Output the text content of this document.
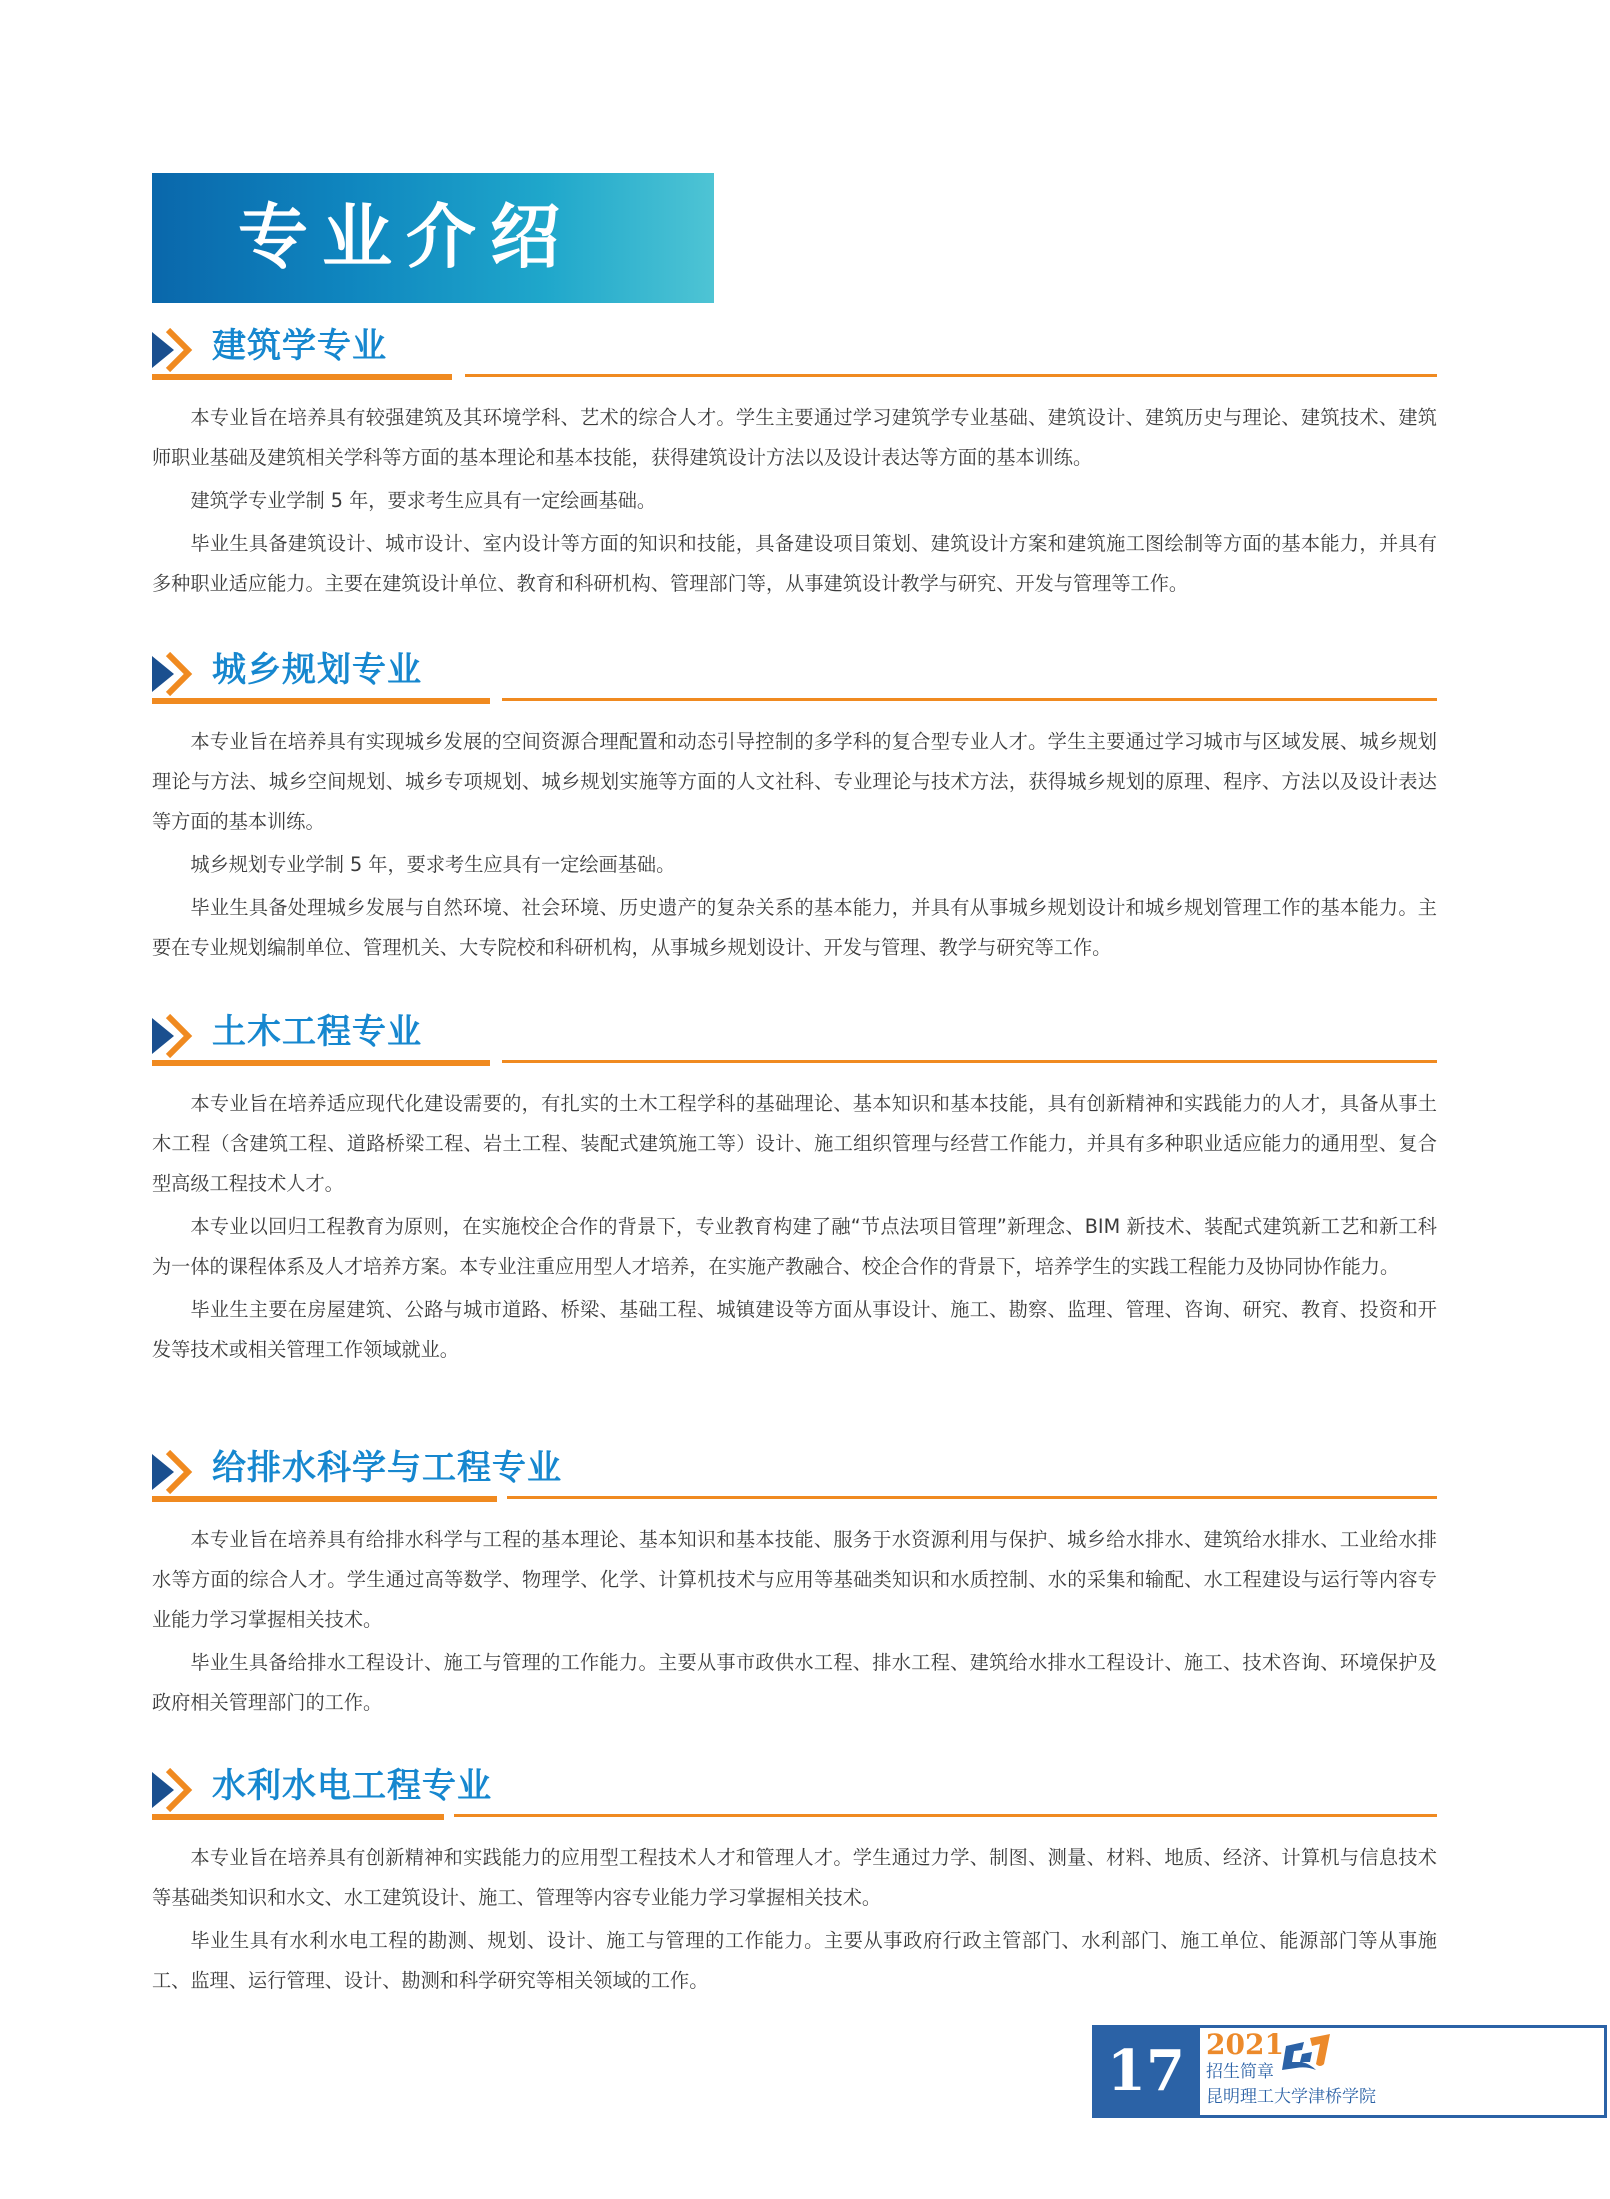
专业介绍
建筑学专业

本专业旨在培养具有较强建筑及其环境学科、艺术的综合人才。学生主要通过学习建筑学专业基础、建筑设计、建筑历史与理论、建筑技术、建筑师职业基础及建筑相关学科等方面的基本理论和基本技能，获得建筑设计方法以及设计表达等方面的基本训练。

建筑学专业学制 5 年，要求考生应具有一定绘画基础。

毕业生具备建筑设计、城市设计、室内设计等方面的知识和技能，具备建设项目策划、建筑设计方案和建筑施工图绘制等方面的基本能力，并具有多种职业适应能力。主要在建筑设计单位、教育和科研机构、管理部门等，从事建筑设计教学与研究、开发与管理等工作。

城乡规划专业

本专业旨在培养具有实现城乡发展的空间资源合理配置和动态引导控制的多学科的复合型专业人才。学生主要通过学习城市与区域发展、城乡规划理论与方法、城乡空间规划、城乡专项规划、城乡规划实施等方面的人文社科、专业理论与技术方法，获得城乡规划的原理、程序、方法以及设计表达等方面的基本训练。

城乡规划专业学制 5 年，要求考生应具有一定绘画基础。

毕业生具备处理城乡发展与自然环境、社会环境、历史遗产的复杂关系的基本能力，并具有从事城乡规划设计和城乡规划管理工作的基本能力。主要在专业规划编制单位、管理机关、大专院校和科研机构，从事城乡规划设计、开发与管理、教学与研究等工作。

土木工程专业

本专业旨在培养适应现代化建设需要的，有扎实的土木工程学科的基础理论、基本知识和基本技能，具有创新精神和实践能力的人才，具备从事土木工程（含建筑工程、道路桥梁工程、岩土工程、装配式建筑施工等）设计、施工组织管理与经营工作能力，并具有多种职业适应能力的通用型、复合型高级工程技术人才。

本专业以回归工程教育为原则，在实施校企合作的背景下，专业教育构建了融“节点法项目管理”新理念、BIM 新技术、装配式建筑新工艺和新工科为一体的课程体系及人才培养方案。本专业注重应用型人才培养，在实施产教融合、校企合作的背景下，培养学生的实践工程能力及协同协作能力。

毕业生主要在房屋建筑、公路与城市道路、桥梁、基础工程、城镇建设等方面从事设计、施工、勘察、监理、管理、咨询、研究、教育、投资和开发等技术或相关管理工作领域就业。

给排水科学与工程专业

本专业旨在培养具有给排水科学与工程的基本理论、基本知识和基本技能、服务于水资源利用与保护、城乡给水排水、建筑给水排水、工业给水排水等方面的综合人才。学生通过高等数学、物理学、化学、计算机技术与应用等基础类知识和水质控制、水的采集和输配、水工程建设与运行等内容专业能力学习掌握相关技术。

毕业生具备给排水工程设计、施工与管理的工作能力。主要从事市政供水工程、排水工程、建筑给水排水工程设计、施工、技术咨询、环境保护及政府相关管理部门的工作。

水利水电工程专业

本专业旨在培养具有创新精神和实践能力的应用型工程技术人才和管理人才。学生通过力学、制图、测量、材料、地质、经济、计算机与信息技术等基础类知识和水文、水工建筑设计、施工、管理等内容专业能力学习掌握相关技术。

毕业生具有水利水电工程的勘测、规划、设计、施工与管理的工作能力。主要从事政府行政主管部门、水利部门、施工单位、能源部门等从事施工、监理、运行管理、设计、勘测和科学研究等相关领域的工作。

17 2021
招生简章
昆明理工大学津桥学院
